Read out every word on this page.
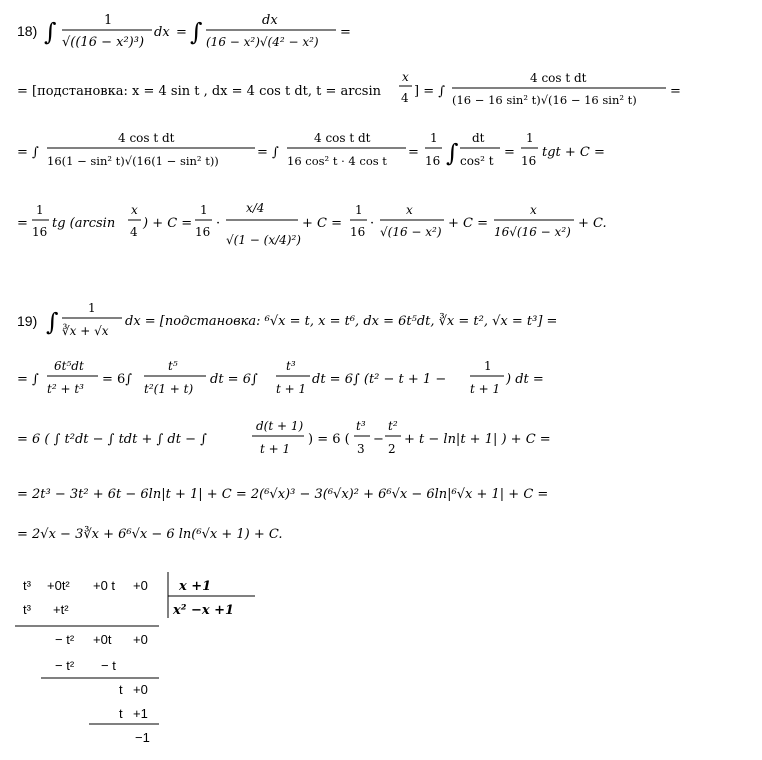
18) ∫	1
√((16 − x²)³)
dx = ∫	dx
(16 − x²)√(4² − x²)
=
= [подстановка: x = 4 sin t , dx = 4 cos t dt, t = arcsin
x
4 ] = ∫
4 cos t dt
(16 − 16 sin² t)√(16 − 16 sin² t)
=
= ∫
4 cos t dt
16(1 − sin² t)√(16(1 − sin² t))
= ∫
4 cos t dt
16 cos² t · 4 cos t
=
1
16 ∫
dt
cos² t
=
1
16
tgt + C =
=
1
16
tg (arcsin
x
4
) + C =
1
16
·
x/4
√(1 − (x/4)²)
+ C =
1
16
·
x
√(16 − x²)
+ C =
x
16√(16 − x²)
+ C.
19) ∫ 1
∛x + √x
dx = [подстановка: ⁶√x = t, x = t⁶, dx = 6t⁵dt, ∛x = t², √x = t³] =
= ∫
6t⁵dt
t² + t³
= 6∫
t⁵
t²(1 + t)
dt = 6∫
t³
t + 1
dt = 6∫ (t² − t + 1 −
1
t + 1
) dt =
= 6 ( ∫ t²dt − ∫ tdt + ∫ dt − ∫
d(t + 1)
t + 1
) = 6 (
t³
3
−
t²
2
+ t − ln|t + 1| ) + C =
= 2t³ − 3t² + 6t − 6ln|t + 1| + C = 2(⁶√x)³ − 3(⁶√x)² + 6⁶√x − 6ln|⁶√x + 1| + C =
= 2√x − 3∛x + 6⁶√x − 6 ln(⁶√x + 1) + C.
t³ +0t² +0 t +0 x +1
t³ +t²	x² −x +1
− t² +0t +0
− t² − t
t +0
t +1
−1
